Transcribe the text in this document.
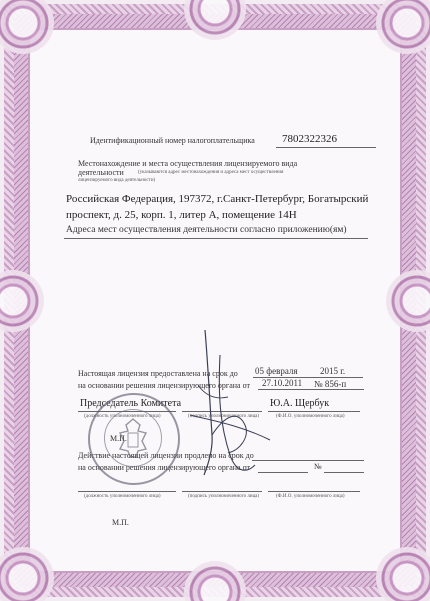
Идентификационный номер налогоплательщика 7802322326
Местонахождение и места осуществления лицензируемого вида
деятельности	(указываются адрес местонахождения и адреса мест осуществления
лицензируемого вида деятельности)
Российская Федерация, 197372, г.Санкт-Петербург, Богатырский
проспект, д. 25, корп. 1, литер А, помещение 14Н
Адреса мест осуществления деятельности согласно приложению(ям)
Настоящая лицензия предоставлена на срок до 05 февраля 2015 г.
на основании решения лицензирующего органа от 27.10.2011 № 856-п
Председатель Комитета	Ю.А. Щербук
(должность уполномоченного лица)	(подпись уполномоченного лица)	(Ф.И.О. уполномоченного лица)
М.П.
Действие настоящей лицензии продлено на срок до
на основании решения лицензирующего органа от	№
(должность уполномоченного лица)	(подпись уполномоченного лица)	(Ф.И.О. уполномоченного лица)
М.П.
